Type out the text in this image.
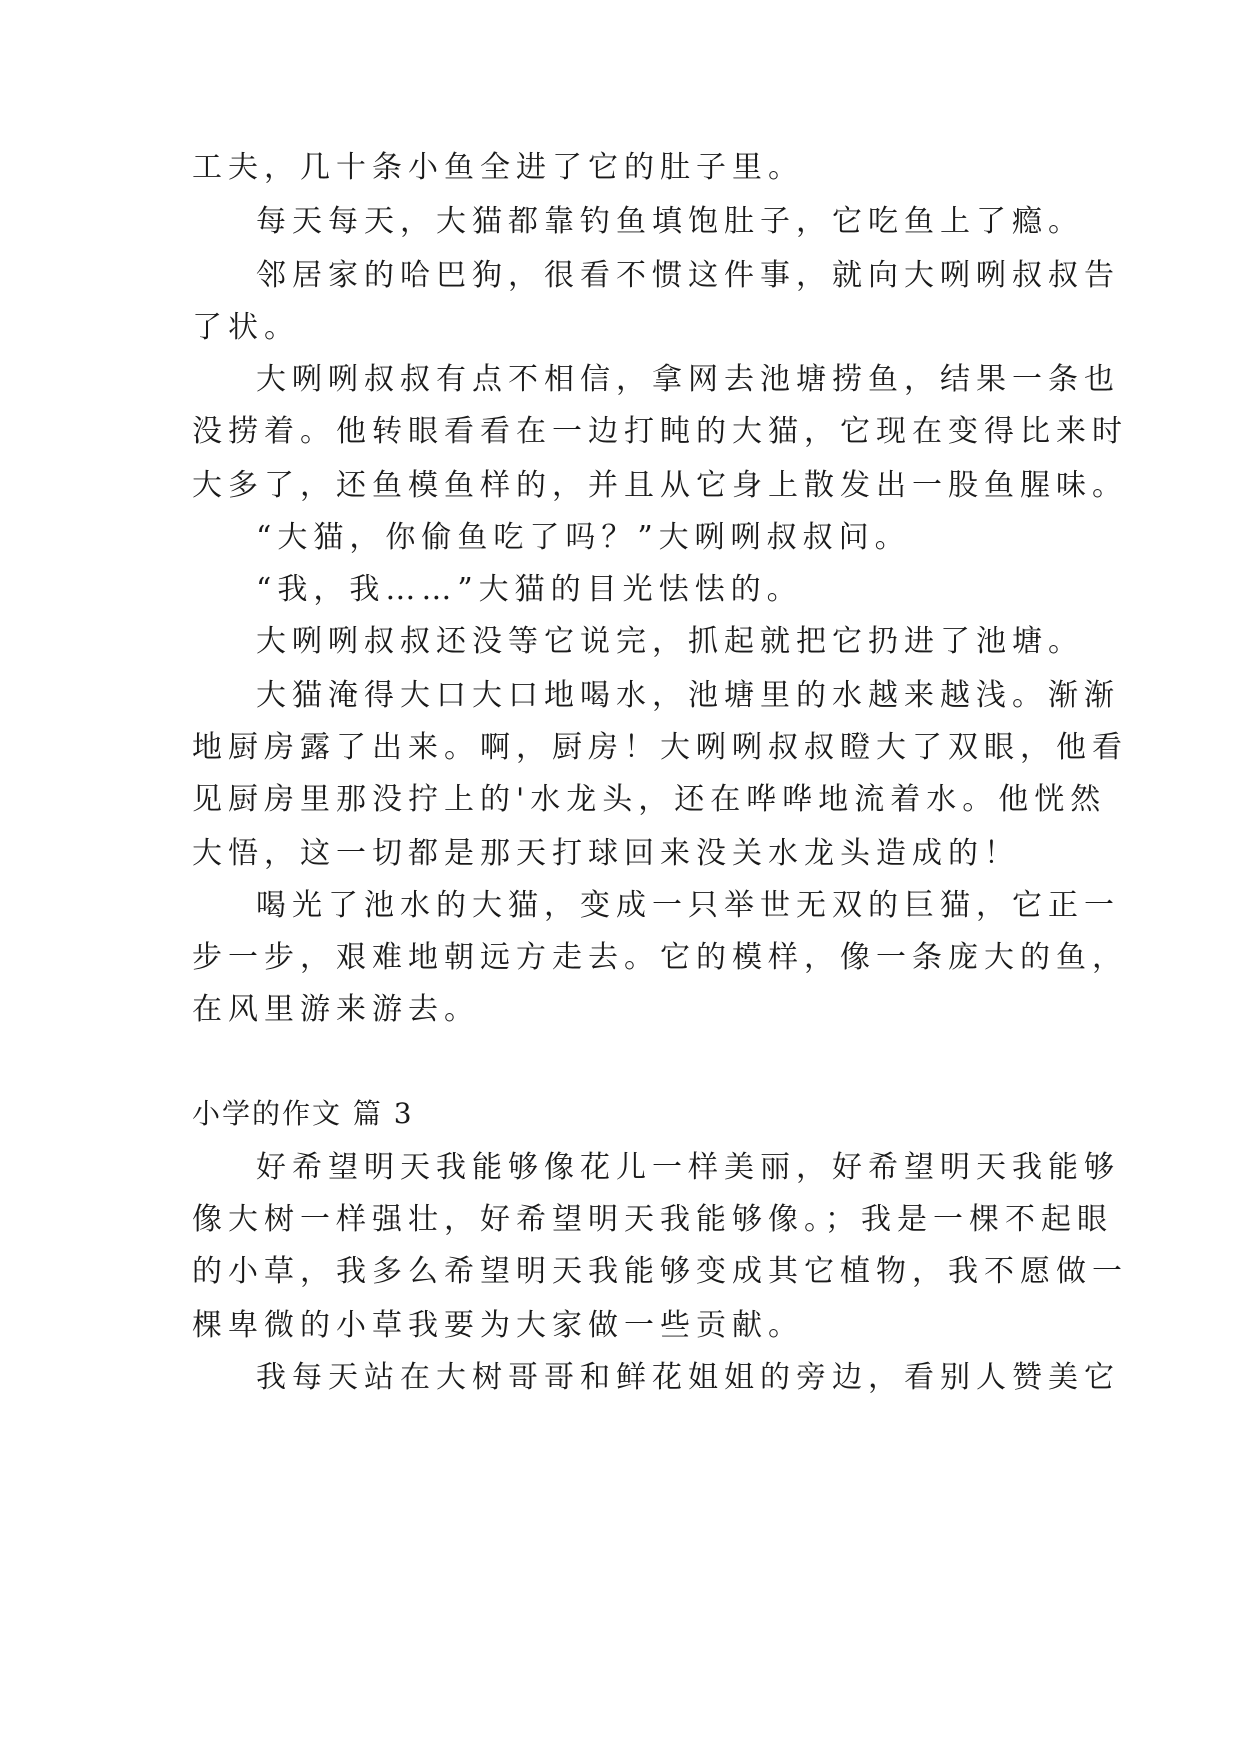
工夫，几十条小鱼全进了它的肚子里。
每天每天，大猫都靠钓鱼填饱肚子，它吃鱼上了瘾。
邻居家的哈巴狗，很看不惯这件事，就向大咧咧叔叔告
了状。
大咧咧叔叔有点不相信，拿网去池塘捞鱼，结果一条也
没捞着。他转眼看看在一边打盹的大猫，它现在变得比来时
大多了，还鱼模鱼样的，并且从它身上散发出一股鱼腥味。
“大猫，你偷鱼吃了吗？”大咧咧叔叔问。
“我，我……”大猫的目光怯怯的。
大咧咧叔叔还没等它说完，抓起就把它扔进了池塘。
大猫淹得大口大口地喝水，池塘里的水越来越浅。渐渐
地厨房露了出来。啊，厨房！大咧咧叔叔瞪大了双眼，他看
见厨房里那没拧上的'水龙头，还在哗哗地流着水。他恍然
大悟，这一切都是那天打球回来没关水龙头造成的！
喝光了池水的大猫，变成一只举世无双的巨猫，它正一
步一步，艰难地朝远方走去。它的模样，像一条庞大的鱼，
在风里游来游去。
小学的作文 篇 3
好希望明天我能够像花儿一样美丽，好希望明天我能够
像大树一样强壮，好希望明天我能够像。；我是一棵不起眼
的小草，我多么希望明天我能够变成其它植物，我不愿做一
棵卑微的小草我要为大家做一些贡献。
我每天站在大树哥哥和鲜花姐姐的旁边，看别人赞美它
